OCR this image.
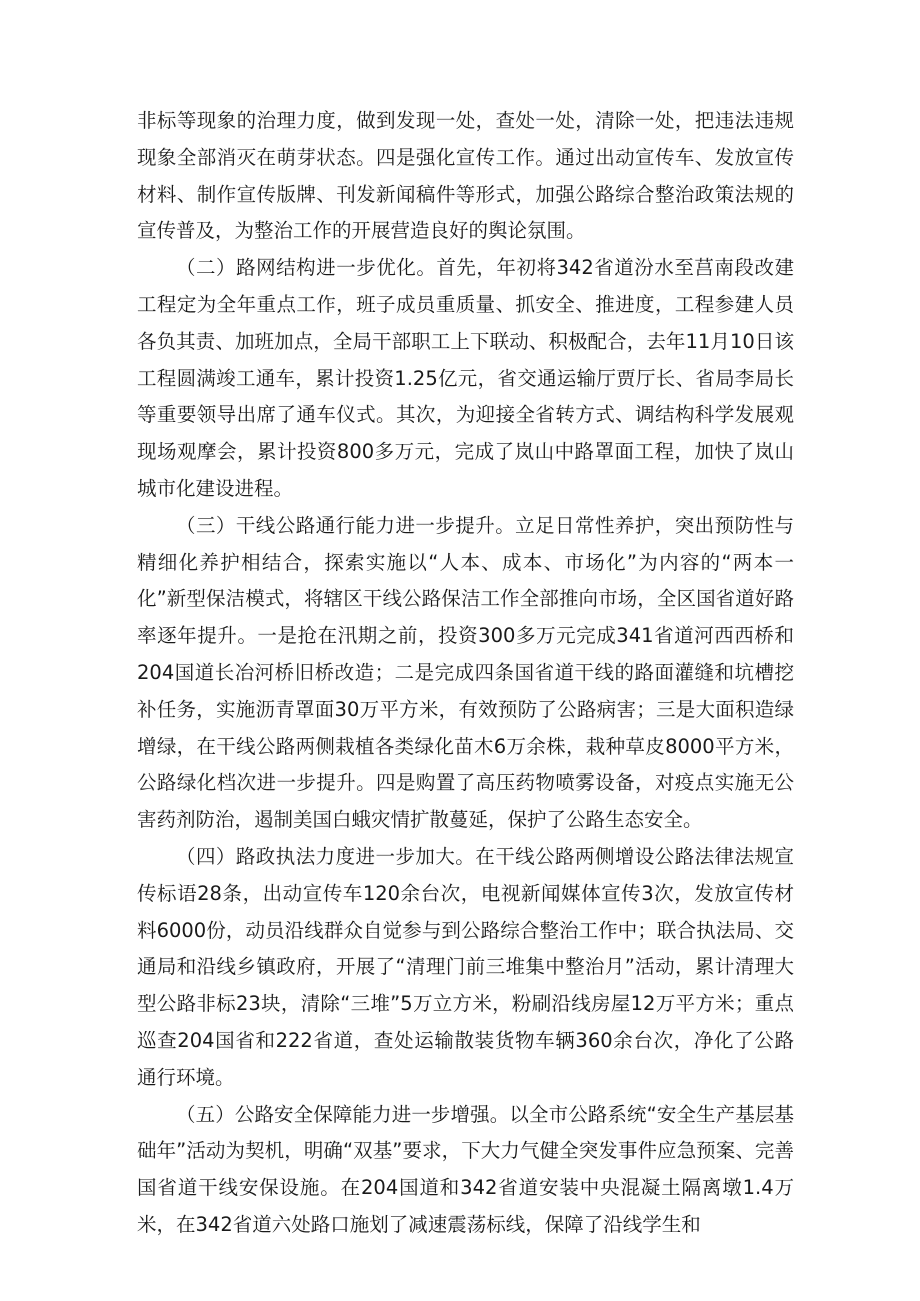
非标等现象的治理力度，做到发现一处，查处一处，清除一处，把违法违规现象全部消灭在萌芽状态。四是强化宣传工作。通过出动宣传车、发放宣传材料、制作宣传版牌、刊发新闻稿件等形式，加强公路综合整治政策法规的宣传普及，为整治工作的开展营造良好的舆论氛围。

（二）路网结构进一步优化。首先，年初将342省道汾水至莒南段改建工程定为全年重点工作，班子成员重质量、抓安全、推进度，工程参建人员各负其责、加班加点，全局干部职工上下联动、积极配合，去年11月10日该工程圆满竣工通车，累计投资1.25亿元，省交通运输厅贾厅长、省局李局长等重要领导出席了通车仪式。其次，为迎接全省转方式、调结构科学发展观现场观摩会，累计投资800多万元，完成了岚山中路罩面工程，加快了岚山城市化建设进程。

（三）干线公路通行能力进一步提升。立足日常性养护，突出预防性与精细化养护相结合，探索实施以“人本、成本、市场化”为内容的“两本一化”新型保洁模式，将辖区干线公路保洁工作全部推向市场，全区国省道好路率逐年提升。一是抢在汛期之前，投资300多万元完成341省道河西西桥和204国道长冶河桥旧桥改造；二是完成四条国省道干线的路面灌缝和坑槽挖补任务，实施沥青罩面30万平方米，有效预防了公路病害；三是大面积造绿增绿，在干线公路两侧栽植各类绿化苗木6万余株，栽种草皮8000平方米，公路绿化档次进一步提升。四是购置了高压药物喷雾设备，对疫点实施无公害药剂防治，遏制美国白蛾灾情扩散蔓延，保护了公路生态安全。

（四）路政执法力度进一步加大。在干线公路两侧增设公路法律法规宣传标语28条，出动宣传车120余台次，电视新闻媒体宣传3次，发放宣传材料6000份，动员沿线群众自觉参与到公路综合整治工作中；联合执法局、交通局和沿线乡镇政府，开展了“清理门前三堆集中整治月”活动，累计清理大型公路非标23块，清除“三堆”5万立方米，粉刷沿线房屋12万平方米；重点巡查204国省和222省道，查处运输散装货物车辆360余台次，净化了公路通行环境。

（五）公路安全保障能力进一步增强。以全市公路系统“安全生产基层基础年”活动为契机，明确“双基”要求，下大力气健全突发事件应急预案、完善国省道干线安保设施。在204国道和342省道安装中央混凝土隔离墩1.4万米，在342省道六处路口施划了减速震荡标线，保障了沿线学生和
